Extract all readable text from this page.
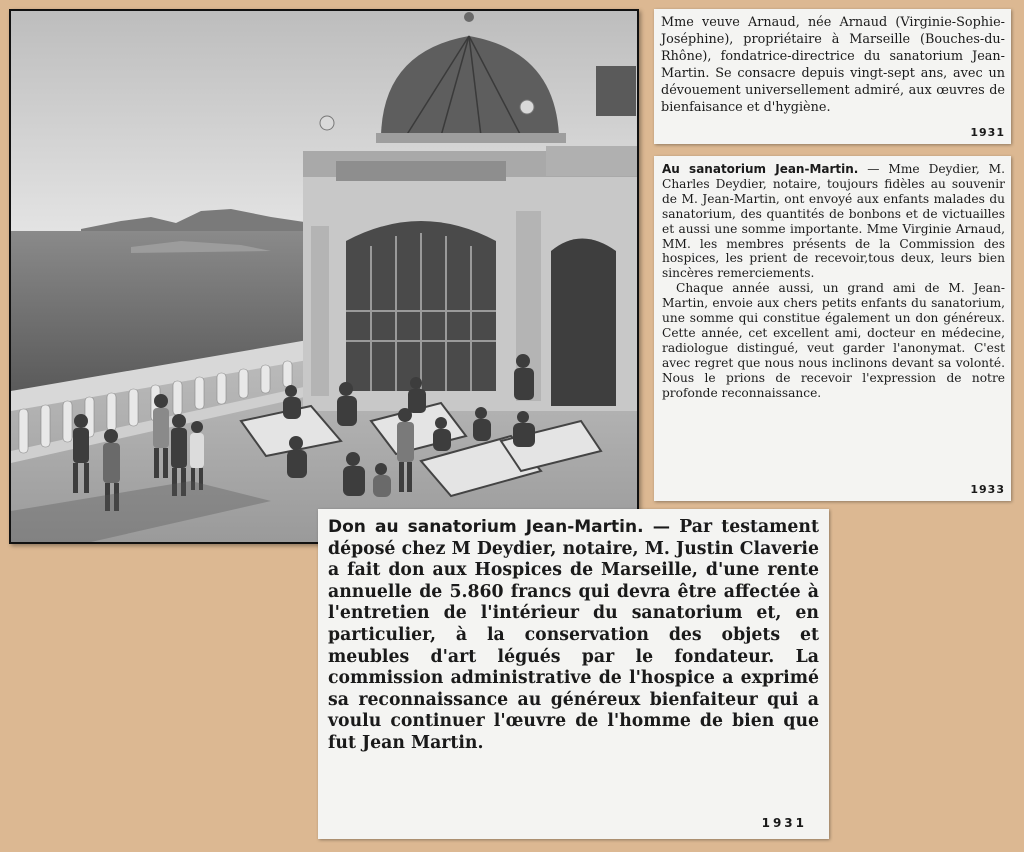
Mme veuve Arnaud, née Arnaud (Virginie-Sophie-Joséphine), propriétaire à Marseille (Bouches-du-Rhône), fondatrice-directrice du sanatorium Jean-Martin. Se consacre depuis vingt-sept ans, avec un dévouement universellement admiré, aux œuvres de bienfaisance et d'hygiène.

1931

Au sanatorium Jean-Martin. — Mme Deydier, M. Charles Deydier, notaire, toujours fidèles au souvenir de M. Jean-Martin, ont envoyé aux enfants malades du sanatorium, des quantités de bonbons et de victuailles et aussi une somme importante. Mme Virginie Arnaud, MM. les membres présents de la Commission des hospices, les prient de recevoir,tous deux, leurs bien sincères remerciements.

Chaque année aussi, un grand ami de M. Jean-Martin, envoie aux chers petits enfants du sanatorium, une somme qui constitue également un don généreux. Cette année, cet excellent ami, docteur en médecine, radiologue distingué, veut garder l'anonymat. C'est avec regret que nous nous inclinons devant sa volonté. Nous le prions de recevoir l'expression de notre profonde reconnaissance.

1933

Don au sanatorium Jean-Martin. — Par testament déposé chez M Deydier, notaire, M. Justin Claverie a fait don aux Hospices de Marseille, d'une rente annuelle de 5.860 francs qui devra être affectée à l'entretien de l'intérieur du sanatorium et, en particulier, à la conservation des objets et meubles d'art légués par le fondateur. La commission administrative de l'hospice a exprimé sa reconnaissance au généreux bienfaiteur qui a voulu continuer l'œuvre de l'homme de bien que fut Jean Martin.

1931
